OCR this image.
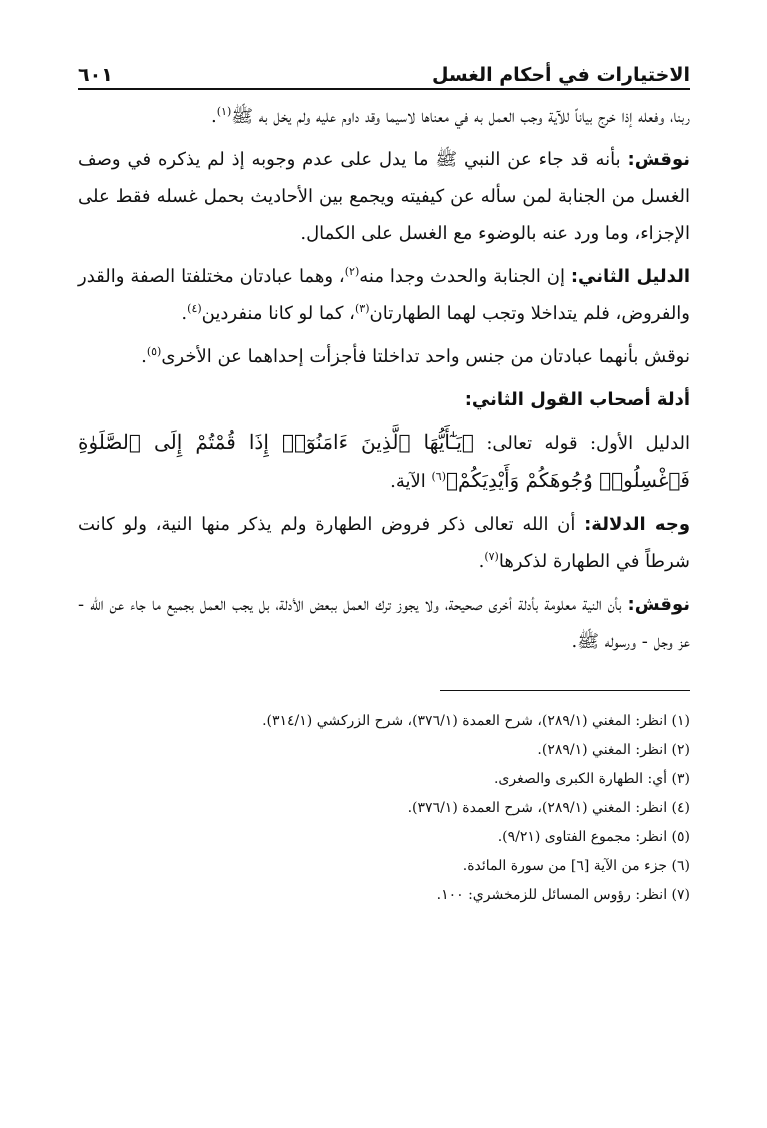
الاختيارات في أحكام الغسل
٦٠١

ربنا، وفعله إذا خرج بياناً للآية وجب العمل به في معناها لاسيما وقد داوم عليه ولم يخل به ﷺ$^{(١)}$.

نوقش: بأنه قد جاء عن النبي ﷺ ما يدل على عدم وجوبه إذ لم يذكره في وصف الغسل من الجنابة لمن سأله عن كيفيته ويجمع بين الأحاديث بحمل غسله فقط على الإجزاء، وما ورد عنه بالوضوء مع الغسل على الكمال.

الدليل الثاني: إن الجنابة والحدث وجدا منه$^{(٢)}$، وهما عبادتان مختلفتا الصفة والقدر والفروض، فلم يتداخلا وتجب لهما الطهارتان$^{(٣)}$، كما لو كانا منفردين$^{(٤)}$.

نوقش بأنهما عبادتان من جنس واحد تداخلتا فأجزأت إحداهما عن الأخرى$^{(٥)}$.

أدلة أصحاب القول الثاني:

الدليل الأول: قوله تعالى: ﴿يَـٰٓأَيُّهَا ٱلَّذِينَ ءَامَنُوٓا۟ إِذَا قُمْتُمْ إِلَى ٱلصَّلَوٰةِ فَٱغْسِلُوا۟ وُجُوهَكُمْ وَأَيْدِيَكُمْ﴾$^{(٦)}$ الآية.

وجه الدلالة: أن الله تعالى ذكر فروض الطهارة ولم يذكر منها النية، ولو كانت شرطاً في الطهارة لذكرها$^{(٧)}$.

نوقش: بأن النية معلومة بأدلة أخرى صحيحة، ولا يجوز ترك العمل ببعض الأدلة، بل يجب العمل بجميع ما جاء عن الله - عز وجل - ورسوله ﷺ.

(١) انظر: المغني (٢٨٩/١)، شرح العمدة (٣٧٦/١)، شرح الزركشي (٣١٤/١).
(٢) انظر: المغني (٢٨٩/١).
(٣) أي: الطهارة الكبرى والصغرى.
(٤) انظر: المغني (٢٨٩/١)، شرح العمدة (٣٧٦/١).
(٥) انظر: مجموع الفتاوى (٩/٢١).
(٦) جزء من الآية [٦] من سورة المائدة.
(٧) انظر: رؤوس المسائل للزمخشري: ١٠٠.
